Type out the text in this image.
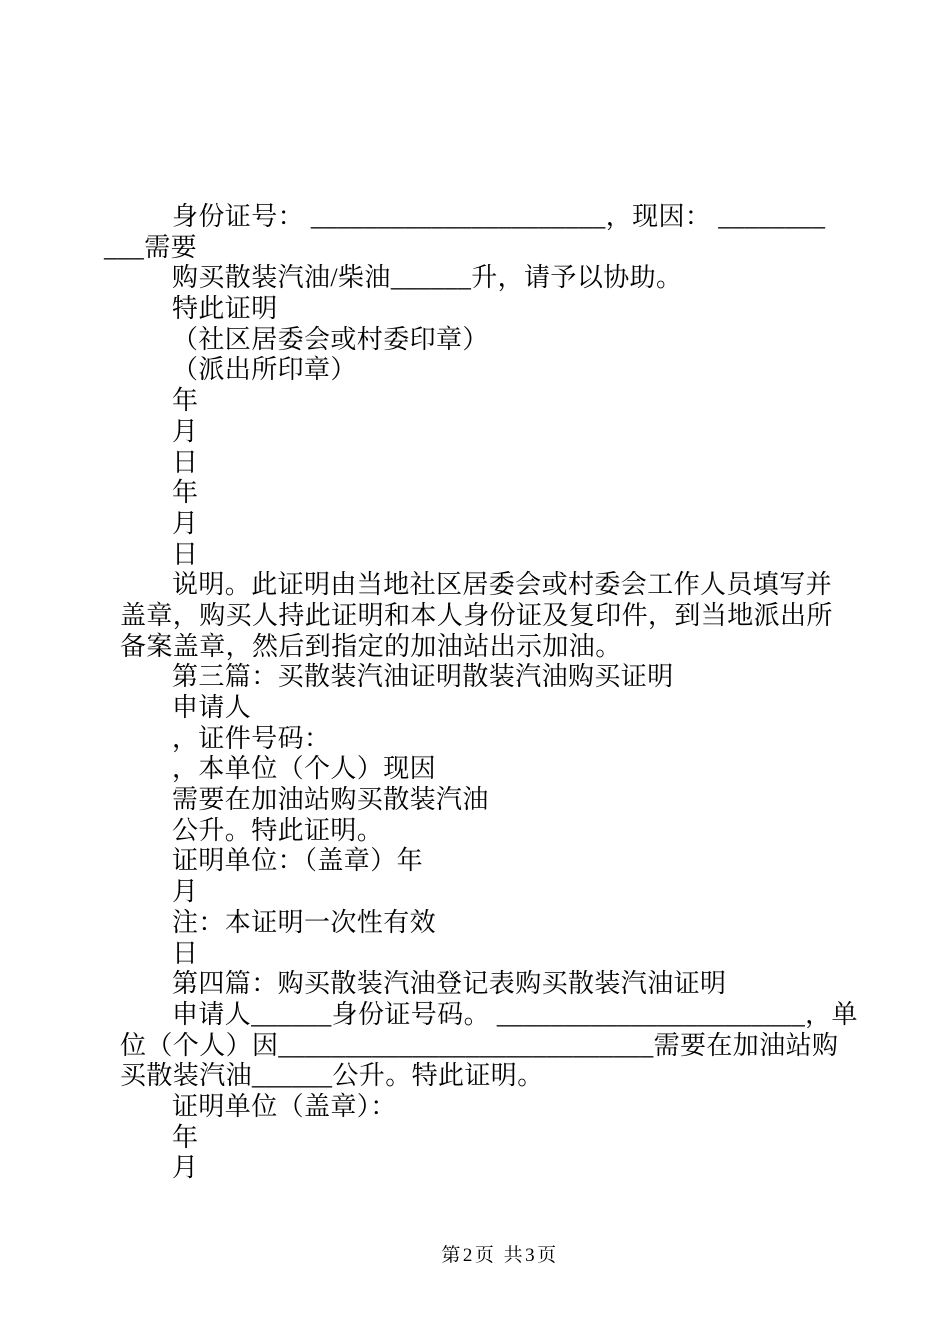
身份证号： ______________________，现因： ________
___需要
购买散装汽油/柴油______升，请予以协助。
特此证明
（社区居委会或村委印章）
（派出所印章）
年
月
日
年
月
日
说明。此证明由当地社区居委会或村委会工作人员填写并
盖章，购买人持此证明和本人身份证及复印件，到当地派出所
备案盖章，然后到指定的加油站出示加油。
第三篇：买散装汽油证明散装汽油购买证明
申请人
，证件号码：
，本单位（个人）现因
需要在加油站购买散装汽油
公升。特此证明。
证明单位：（盖章）年
月
注：本证明一次性有效
日
第四篇：购买散装汽油登记表购买散装汽油证明
申请人______身份证号码。 _______________________，单
位（个人）因____________________________需要在加油站购
买散装汽油______公升。特此证明。
证明单位（盖章）：
年
月
第2页 共3页
